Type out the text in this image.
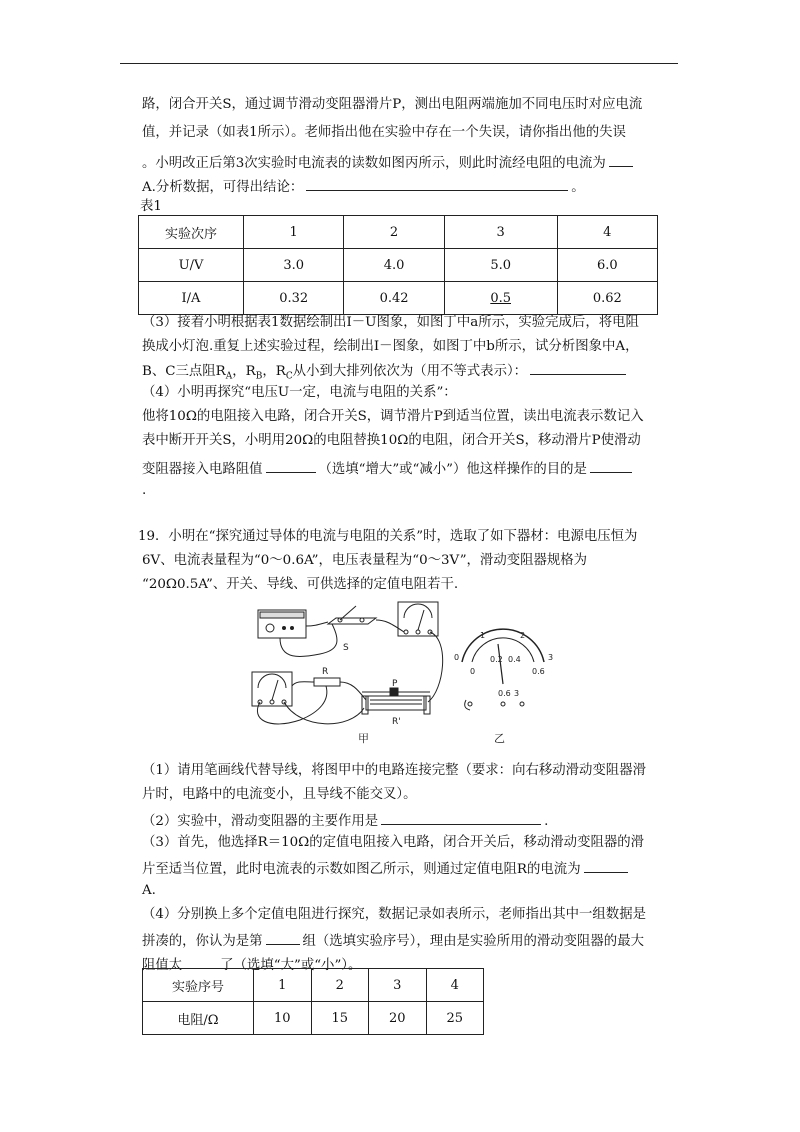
路，闭合开关S，通过调节滑动变阻器滑片P，测出电阻两端施加不同电压时对应电流
值，并记录（如表1所示）。老师指出他在实验中存在一个失误，请你指出他的失误
。小明改正后第3次实验时电流表的读数如图丙所示，则此时流经电阻的电流为
A.分析数据，可得出结论：	。
表1
实验次序	1	2	3	4
U/V	3.0	4.0	5.0	6.0
I/A	0.32	0.42	0.5	0.62
（3）接着小明根据表1数据绘制出I－U图象，如图丁中a所示，实验完成后，将电阻
换成小灯泡.重复上述实验过程，绘制出I－图象，如图丁中b所示，试分析图象中A，
B、C三点阻$R_A$，$R_B$，$R_C$从小到大排列依次为（用不等式表示）：
（4）小明再探究“电压U一定，电流与电阻的关系”：
他将10Ω的电阻接入电路，闭合开关S，调节滑片P到适当位置，读出电流表示数记入
表中断开开关S，小明用20Ω的电阻替换10Ω的电阻，闭合开关S，移动滑片P使滑动
变阻器接入电路阻值	（选填“增大”或“减小”）他这样操作的目的是
.
19．小明在“探究通过导体的电流与电阻的关系”时，选取了如下器材：电源电压恒为
6V、电流表量程为“0～0.6A”，电压表量程为“0～3V”，滑动变阻器规格为
“20Ω0.5A”、开关、导线、可供选择的定值电阻若干.
S
R
P
R'
0
1	2
3
0
0.2 0.4
0.6
0.6 3
甲	乙
（1）请用笔画线代替导线，将图甲中的电路连接完整（要求：向右移动滑动变阻器滑
片时，电路中的电流变小，且导线不能交叉）。
（2）实验中，滑动变阻器的主要作用是	.
（3）首先，他选择R＝10Ω的定值电阻接入电路，闭合开关后，移动滑动变阻器的滑
片至适当位置，此时电流表的示数如图乙所示，则通过定值电阻R的电流为
A.
（4）分别换上多个定值电阻进行探究，数据记录如表所示，老师指出其中一组数据是
拼凑的，你认为是第	组（选填实验序号），理由是实验所用的滑动变阻器的最大
阻值太	了（选填“大”或“小”）。
实验序号	1	2	3	4
电阻/Ω	10	15	20	25
